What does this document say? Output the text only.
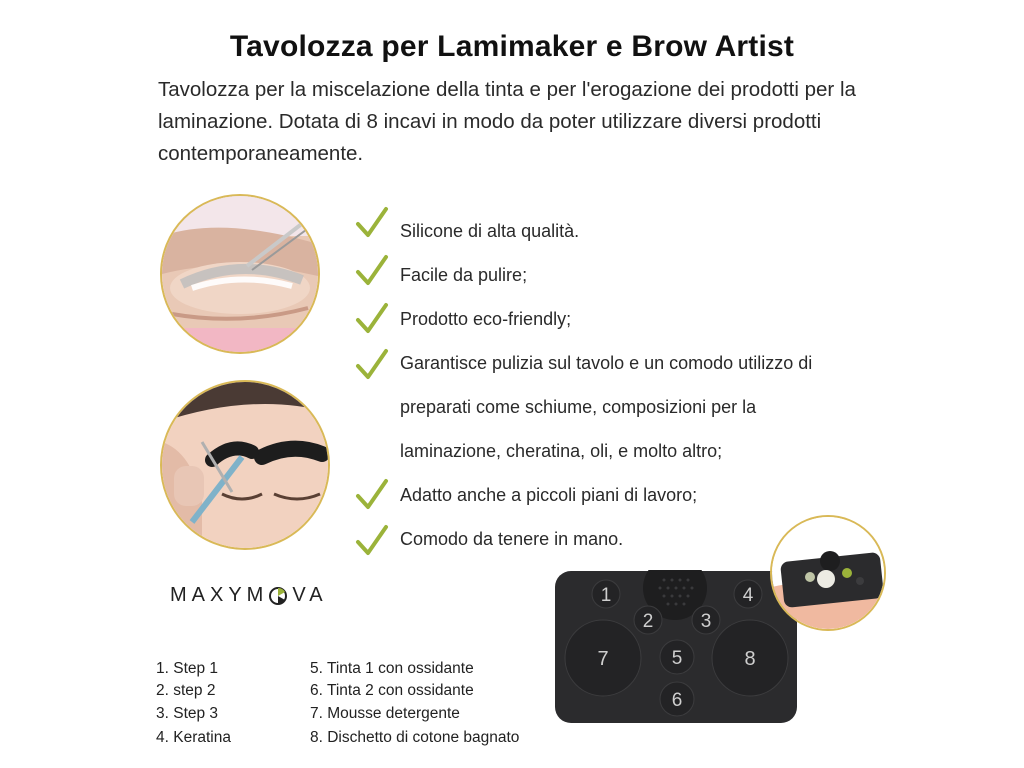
Tavolozza per Lamimaker e Brow Artist
Tavolozza per la miscelazione della tinta e per l'erogazione dei prodotti per la laminazione. Dotata di 8 incavi in modo da poter utilizzare diversi prodotti contemporaneamente.
Silicone di alta qualità.
Facile da pulire;
Prodotto eco-friendly;
Garantisce pulizia sul tavolo e un comodo utilizzo di
preparati come schiume, composizioni per la
laminazione, cheratina, oli, e molto altro;
Adatto anche a piccoli piani di lavoro;
Comodo da tenere in mano.
MAXYM VA
1. Step 1
2. step 2
3. Step 3
4. Keratina
5. Tinta 1 con ossidante
6. Tinta 2 con ossidante
7. Mousse detergente
8. Dischetto di cotone bagnato
1
2 3
4
5
6
7	8
